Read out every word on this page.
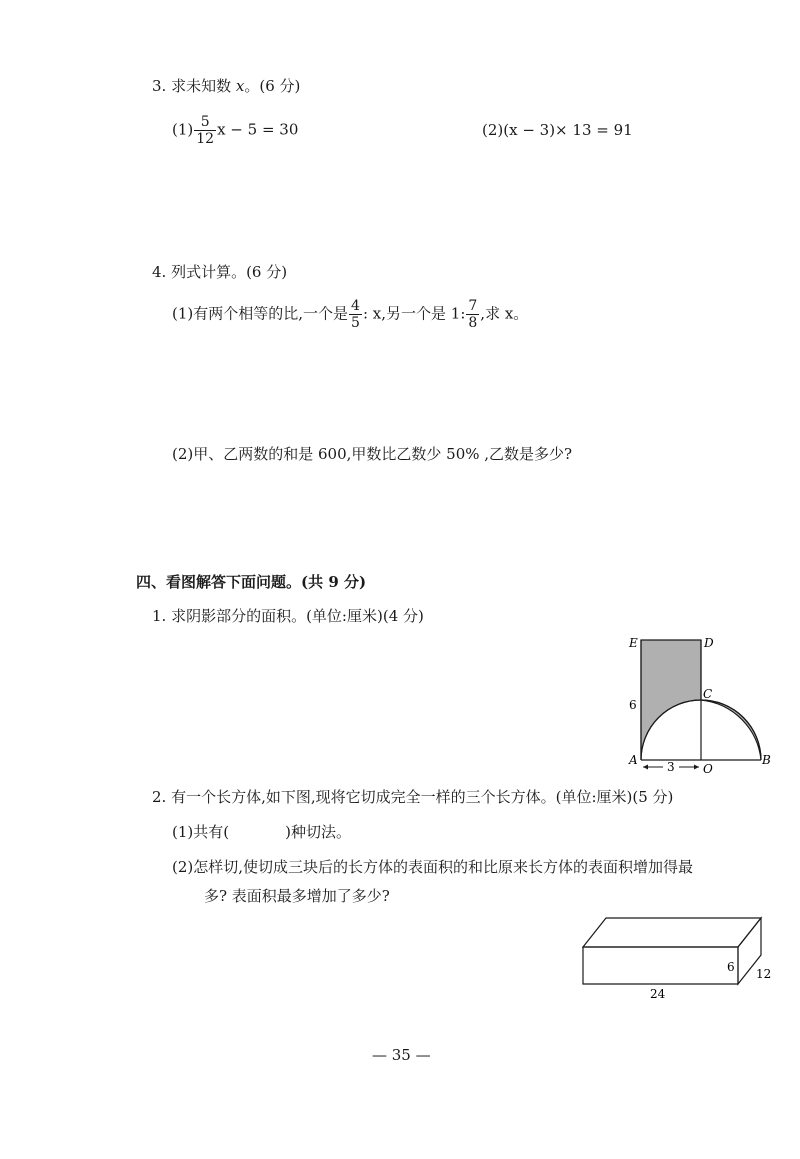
3. 求未知数 x。(6 分)
$(1) \frac{5}{12}$ x − 5 = 30	(2)(x − 3)× 13 = 91
4. 列式计算。(6 分)
(1)有两个相等的比,一个是 $\frac{4}{5}$ : x,另一个是 1: $\frac{7}{8}$ ,求 x。
(2)甲、乙两数的和是 600,甲数比乙数少 50% ,乙数是多少?
四、看图解答下面问题。(共 9 分)
1. 求阴影部分的面积。(单位:厘米)(4 分)
E	D
C
A
O
B
6
3
2. 有一个长方体,如下图,现将它切成完全一样的三个长方体。(单位:厘米)(5 分)
(1)共有(	)种切法。
(2)怎样切,使切成三块后的长方体的表面积的和比原来长方体的表面积增加得最
多? 表面积最多增加了多少?
24
6 12
— 35 —
